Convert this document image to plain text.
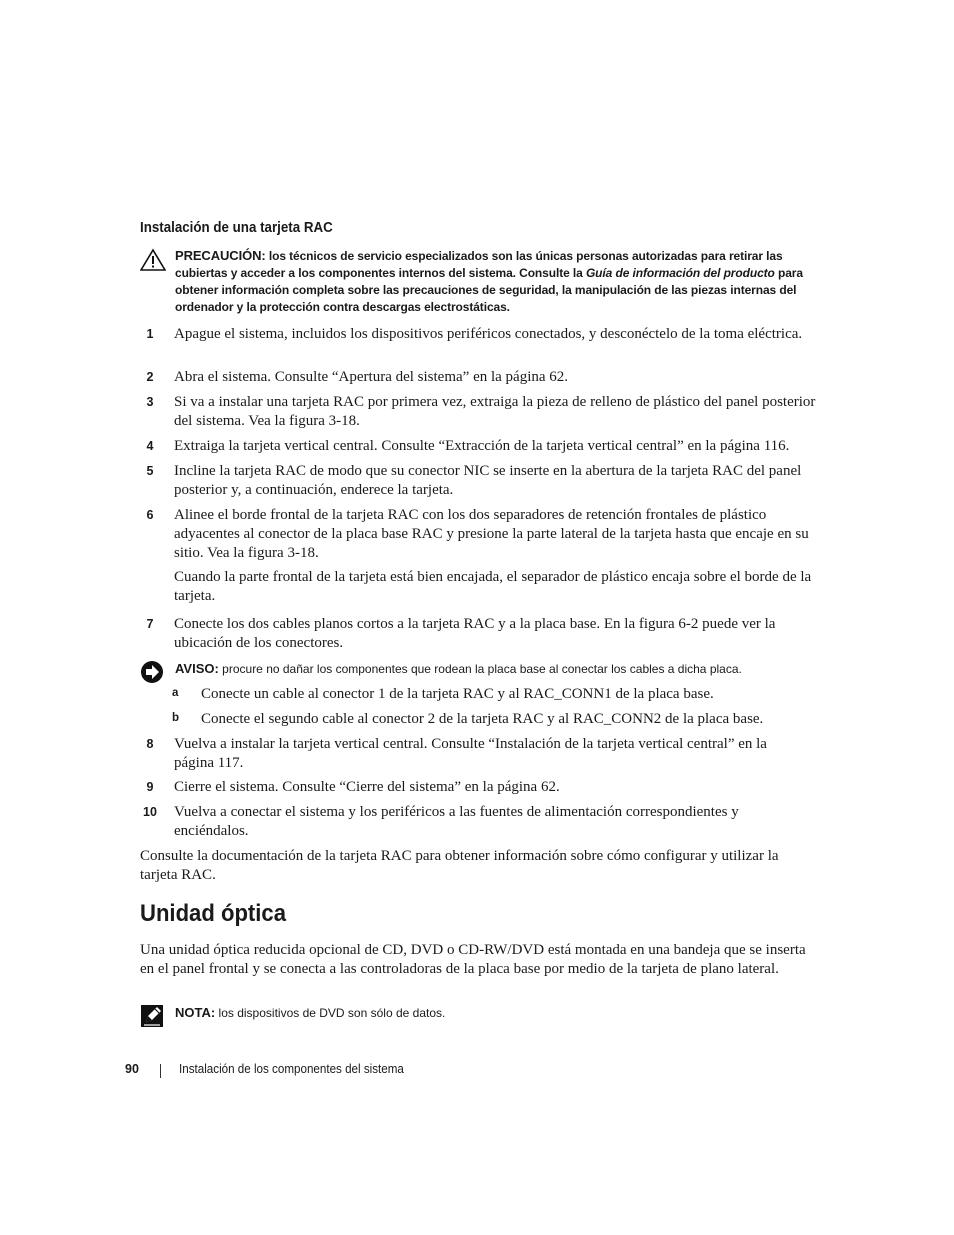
Instalación de una tarjeta RAC
PRECAUCIÓN: los técnicos de servicio especializados son las únicas personas autorizadas para retirar las cubiertas y acceder a los componentes internos del sistema. Consulte la Guía de información del producto para obtener información completa sobre las precauciones de seguridad, la manipulación de las piezas internas del ordenador y la protección contra descargas electrostáticas.
1	Apague el sistema, incluidos los dispositivos periféricos conectados, y desconéctelo de la toma eléctrica.
2	Abra el sistema. Consulte “Apertura del sistema” en la página 62.
3	Si va a instalar una tarjeta RAC por primera vez, extraiga la pieza de relleno de plástico del panel posterior del sistema. Vea la figura 3-18.
4	Extraiga la tarjeta vertical central. Consulte “Extracción de la tarjeta vertical central” en la página 116.
5	Incline la tarjeta RAC de modo que su conector NIC se inserte en la abertura de la tarjeta RAC del panel posterior y, a continuación, enderece la tarjeta.
6	Alinee el borde frontal de la tarjeta RAC con los dos separadores de retención frontales de plástico adyacentes al conector de la placa base RAC y presione la parte lateral de la tarjeta hasta que encaje en su sitio. Vea la figura 3-18.
Cuando la parte frontal de la tarjeta está bien encajada, el separador de plástico encaja sobre el borde de la tarjeta.
7	Conecte los dos cables planos cortos a la tarjeta RAC y a la placa base. En la figura 6-2 puede ver la ubicación de los conectores.
AVISO: procure no dañar los componentes que rodean la placa base al conectar los cables a dicha placa.
a	Conecte un cable al conector 1 de la tarjeta RAC y al RAC_CONN1 de la placa base.
b	Conecte el segundo cable al conector 2 de la tarjeta RAC y al RAC_CONN2 de la placa base.
8	Vuelva a instalar la tarjeta vertical central. Consulte “Instalación de la tarjeta vertical central” en la página 117.
9	Cierre el sistema. Consulte “Cierre del sistema” en la página 62.
10	Vuelva a conectar el sistema y los periféricos a las fuentes de alimentación correspondientes y enciéndalos.
Consulte la documentación de la tarjeta RAC para obtener información sobre cómo configurar y utilizar la tarjeta RAC.
Unidad óptica
Una unidad óptica reducida opcional de CD, DVD o CD-RW/DVD está montada en una bandeja que se inserta en el panel frontal y se conecta a las controladoras de la placa base por medio de la tarjeta de plano lateral.
NOTA: los dispositivos de DVD son sólo de datos.
90	Instalación de los componentes del sistema
